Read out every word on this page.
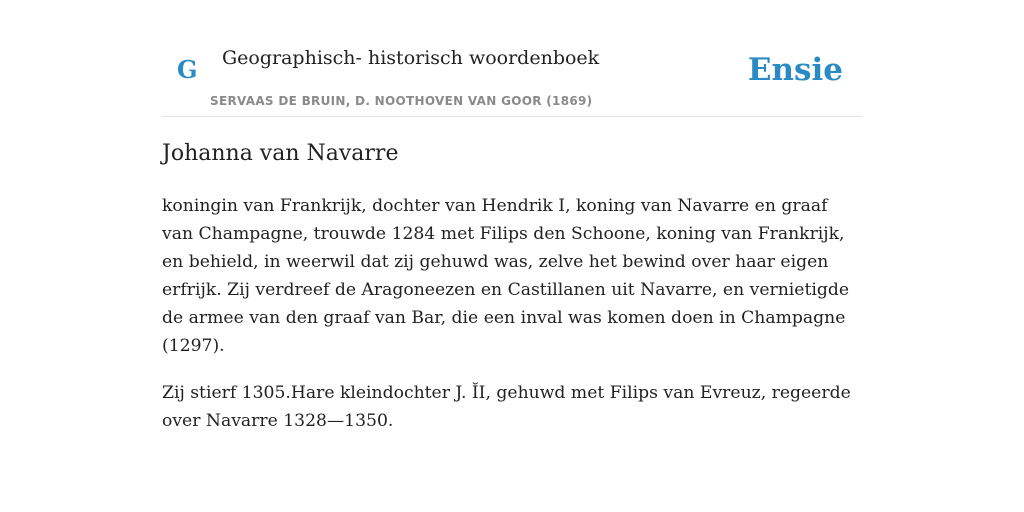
G Geographisch- historisch woordenboek
SERVAAS DE BRUIN, D. NOOTHOVEN VAN GOOR (1869)
Ensie
Johanna van Navarre

koningin van Frankrijk, dochter van Hendrik I, koning van Navarre en graaf van Champagne, trouwde 1284 met Filips den Schoone, koning van Frankrijk, en behield, in weerwil dat zij gehuwd was, zelve het bewind over haar eigen erfrijk. Zij verdreef de Aragoneezen en Castillanen uit Navarre, en vernietigde de armee van den graaf van Bar, die een inval was komen doen in Champagne (1297).

Zij stierf 1305.Hare kleindochter J. ĬI, gehuwd met Filips van Evreuz, regeerde over Navarre 1328—1350.
